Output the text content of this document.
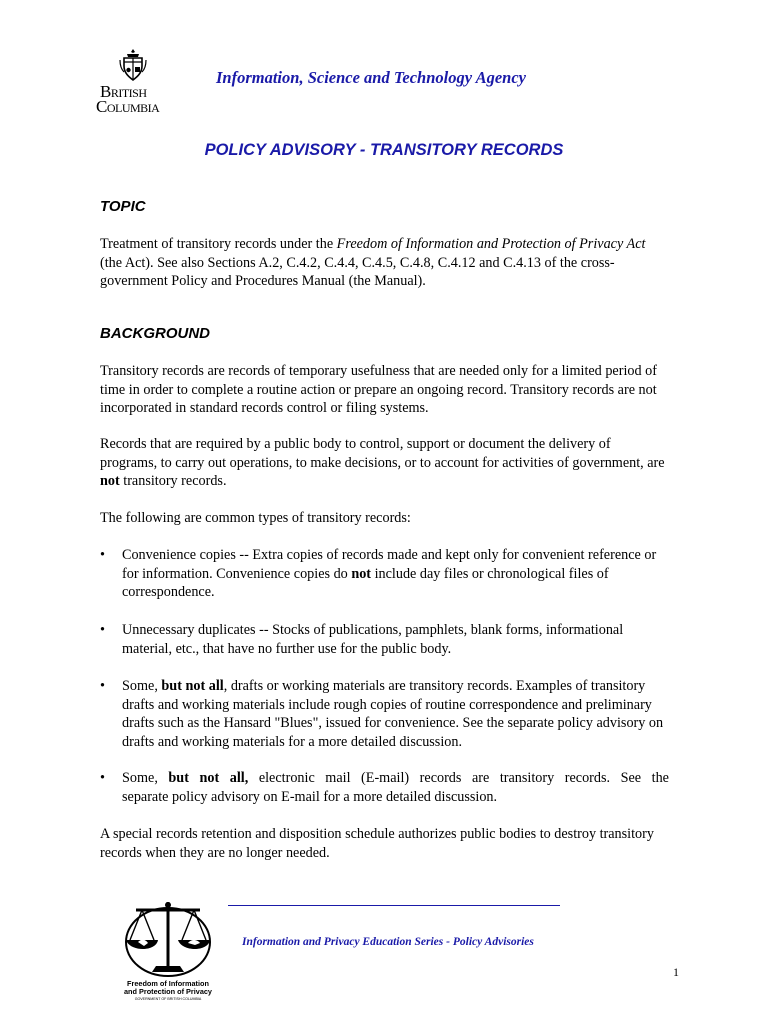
British
Columbia
Information, Science and Technology Agency
POLICY ADVISORY - TRANSITORY RECORDS
TOPIC
Treatment of transitory records under the Freedom of Information and Protection of Privacy Act (the Act). See also Sections A.2, C.4.2, C.4.4, C.4.5, C.4.8, C.4.12 and C.4.13 of the cross-government Policy and Procedures Manual (the Manual).
BACKGROUND
Transitory records are records of temporary usefulness that are needed only for a limited period of time in order to complete a routine action or prepare an ongoing record. Transitory records are not incorporated in standard records control or filing systems.
Records that are required by a public body to control, support or document the delivery of programs, to carry out operations, to make decisions, or to account for activities of government, are not transitory records.
The following are common types of transitory records:
• Convenience copies -- Extra copies of records made and kept only for convenient reference or for information. Convenience copies do not include day files or chronological files of correspondence.
• Unnecessary duplicates -- Stocks of publications, pamphlets, blank forms, informational material, etc., that have no further use for the public body.
• Some, but not all, drafts or working materials are transitory records. Examples of transitory drafts and working materials include rough copies of routine correspondence and preliminary drafts such as the Hansard "Blues", issued for convenience. See the separate policy advisory on drafts and working materials for a more detailed discussion.
• Some, but not all, electronic mail (E-mail) records are transitory records. See the
separate policy advisory on E-mail for a more detailed discussion.
A special records retention and disposition schedule authorizes public bodies to destroy transitory records when they are no longer needed.
Freedom of Information
and Protection of Privacy
GOVERNMENT OF BRITISH COLUMBIA
Information and Privacy Education Series - Policy Advisories
1
